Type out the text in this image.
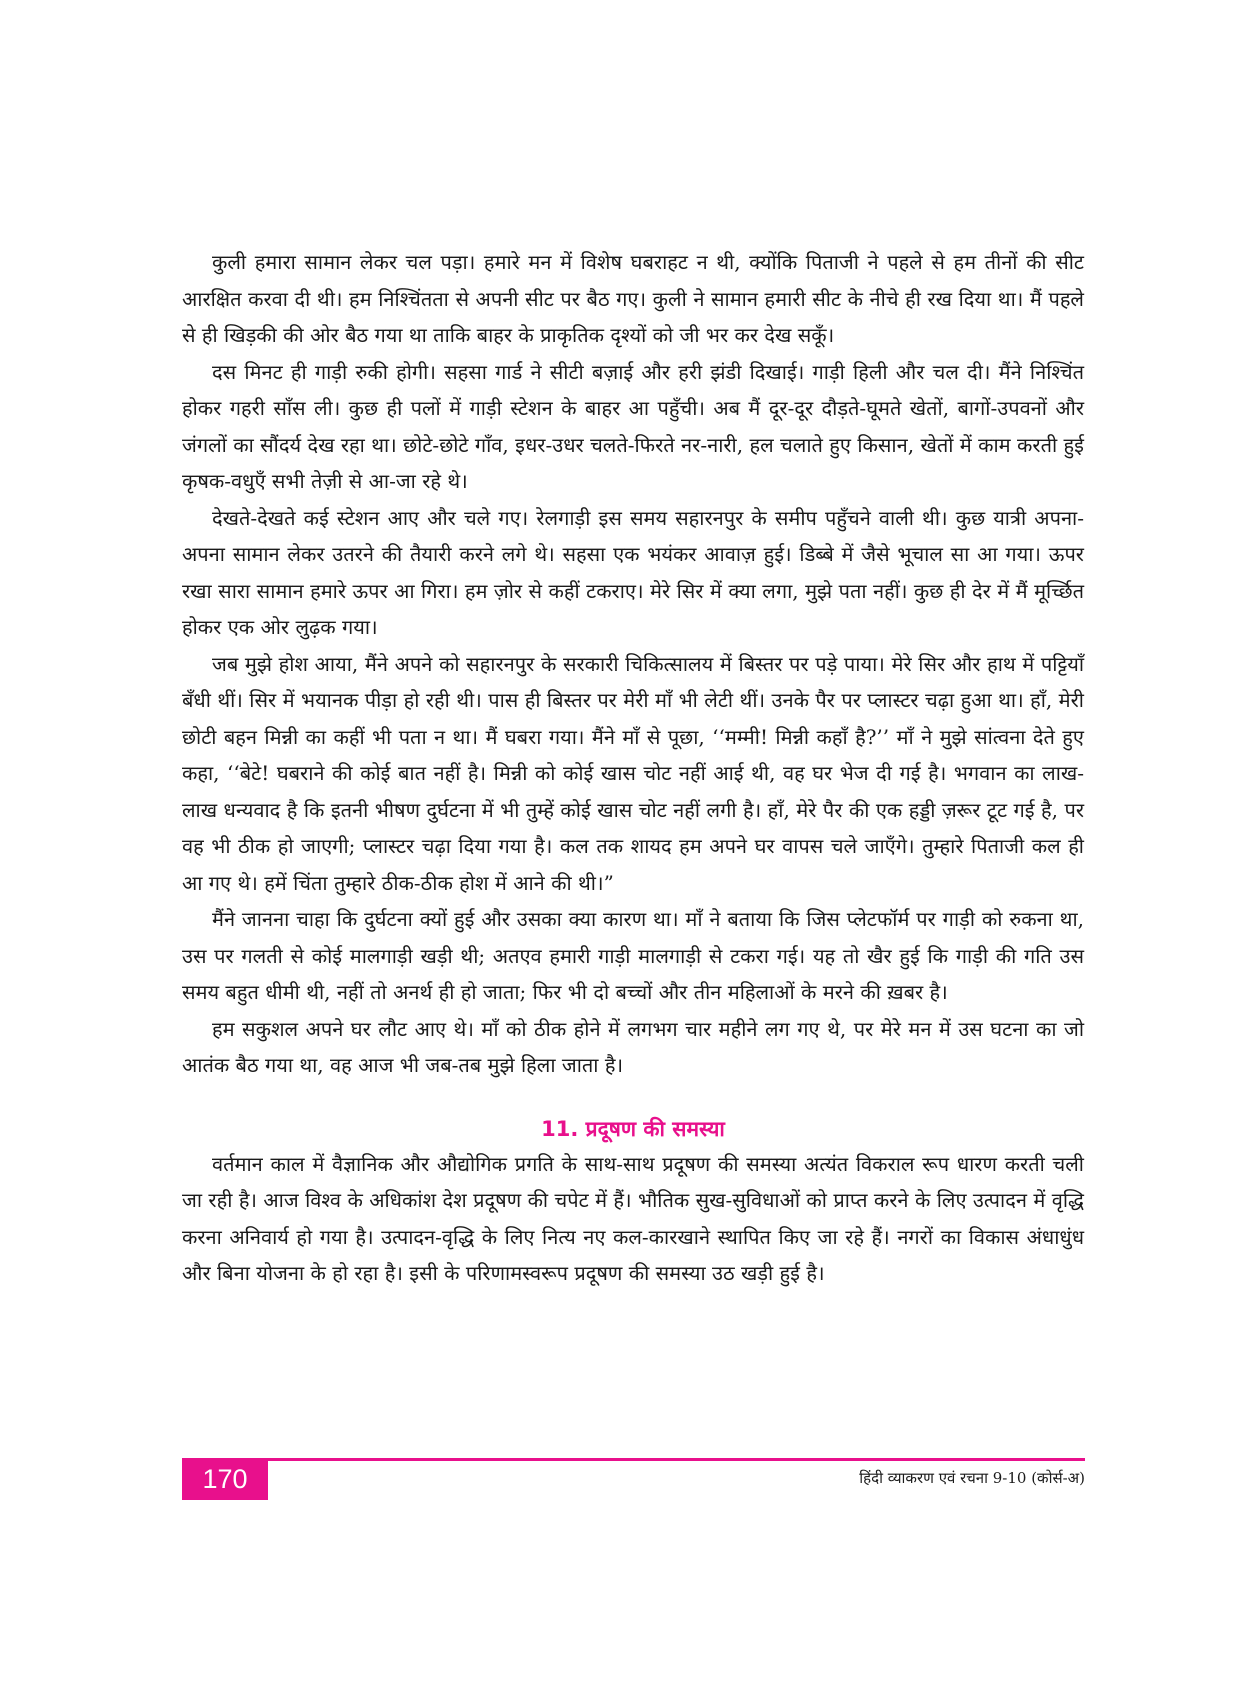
कुली हमारा सामान लेकर चल पड़ा। हमारे मन में विशेष घबराहट न थी, क्योंकि पिताजी ने पहले से हम तीनों की सीट आरक्षित करवा दी थी। हम निश्चिंतता से अपनी सीट पर बैठ गए। कुली ने सामान हमारी सीट के नीचे ही रख दिया था। मैं पहले से ही खिड़की की ओर बैठ गया था ताकि बाहर के प्राकृतिक दृश्यों को जी भर कर देख सकूँ।

दस मिनट ही गाड़ी रुकी होगी। सहसा गार्ड ने सीटी बज़ाई और हरी झंडी दिखाई। गाड़ी हिली और चल दी। मैंने निश्चिंत होकर गहरी साँस ली। कुछ ही पलों में गाड़ी स्टेशन के बाहर आ पहुँची। अब मैं दूर-दूर दौड़ते-घूमते खेतों, बागों-उपवनों और जंगलों का सौंदर्य देख रहा था। छोटे-छोटे गाँव, इधर-उधर चलते-फिरते नर-नारी, हल चलाते हुए किसान, खेतों में काम करती हुई कृषक-वधुएँ सभी तेज़ी से आ-जा रहे थे।

देखते-देखते कई स्टेशन आए और चले गए। रेलगाड़ी इस समय सहारनपुर के समीप पहुँचने वाली थी। कुछ यात्री अपना-अपना सामान लेकर उतरने की तैयारी करने लगे थे। सहसा एक भयंकर आवाज़ हुई। डिब्बे में जैसे भूचाल सा आ गया। ऊपर रखा सारा सामान हमारे ऊपर आ गिरा। हम ज़ोर से कहीं टकराए। मेरे सिर में क्या लगा, मुझे पता नहीं। कुछ ही देर में मैं मूर्च्छित होकर एक ओर लुढ़क गया।

जब मुझे होश आया, मैंने अपने को सहारनपुर के सरकारी चिकित्सालय में बिस्तर पर पड़े पाया। मेरे सिर और हाथ में पट्टियाँ बँधी थीं। सिर में भयानक पीड़ा हो रही थी। पास ही बिस्तर पर मेरी माँ भी लेटी थीं। उनके पैर पर प्लास्टर चढ़ा हुआ था। हाँ, मेरी छोटी बहन मिन्नी का कहीं भी पता न था। मैं घबरा गया। मैंने माँ से पूछा, ‘‘मम्मी! मिन्नी कहाँ है?’’ माँ ने मुझे सांत्वना देते हुए कहा, ‘‘बेटे! घबराने की कोई बात नहीं है। मिन्नी को कोई खास चोट नहीं आई थी, वह घर भेज दी गई है। भगवान का लाख-लाख धन्यवाद है कि इतनी भीषण दुर्घटना में भी तुम्हें कोई खास चोट नहीं लगी है। हाँ, मेरे पैर की एक हड्डी ज़रूर टूट गई है, पर वह भी ठीक हो जाएगी; प्लास्टर चढ़ा दिया गया है। कल तक शायद हम अपने घर वापस चले जाएँगे। तुम्हारे पिताजी कल ही आ गए थे। हमें चिंता तुम्हारे ठीक-ठीक होश में आने की थी।”

मैंने जानना चाहा कि दुर्घटना क्यों हुई और उसका क्या कारण था। माँ ने बताया कि जिस प्लेटफॉर्म पर गाड़ी को रुकना था, उस पर गलती से कोई मालगाड़ी खड़ी थी; अतएव हमारी गाड़ी मालगाड़ी से टकरा गई। यह तो खैर हुई कि गाड़ी की गति उस समय बहुत धीमी थी, नहीं तो अनर्थ ही हो जाता; फिर भी दो बच्चों और तीन महिलाओं के मरने की ख़बर है।

हम सकुशल अपने घर लौट आए थे। माँ को ठीक होने में लगभग चार महीने लग गए थे, पर मेरे मन में उस घटना का जो आतंक बैठ गया था, वह आज भी जब-तब मुझे हिला जाता है।

11. प्रदूषण की समस्या

वर्तमान काल में वैज्ञानिक और औद्योगिक प्रगति के साथ-साथ प्रदूषण की समस्या अत्यंत विकराल रूप धारण करती चली जा रही है। आज विश्व के अधिकांश देश प्रदूषण की चपेट में हैं। भौतिक सुख-सुविधाओं को प्राप्त करने के लिए उत्पादन में वृद्धि करना अनिवार्य हो गया है। उत्पादन-वृद्धि के लिए नित्य नए कल-कारखाने स्थापित किए जा रहे हैं। नगरों का विकास अंधाधुंध और बिना योजना के हो रहा है। इसी के परिणामस्वरूप प्रदूषण की समस्या उठ खड़ी हुई है।

170	हिंदी व्याकरण एवं रचना 9-10 (कोर्स-अ)
